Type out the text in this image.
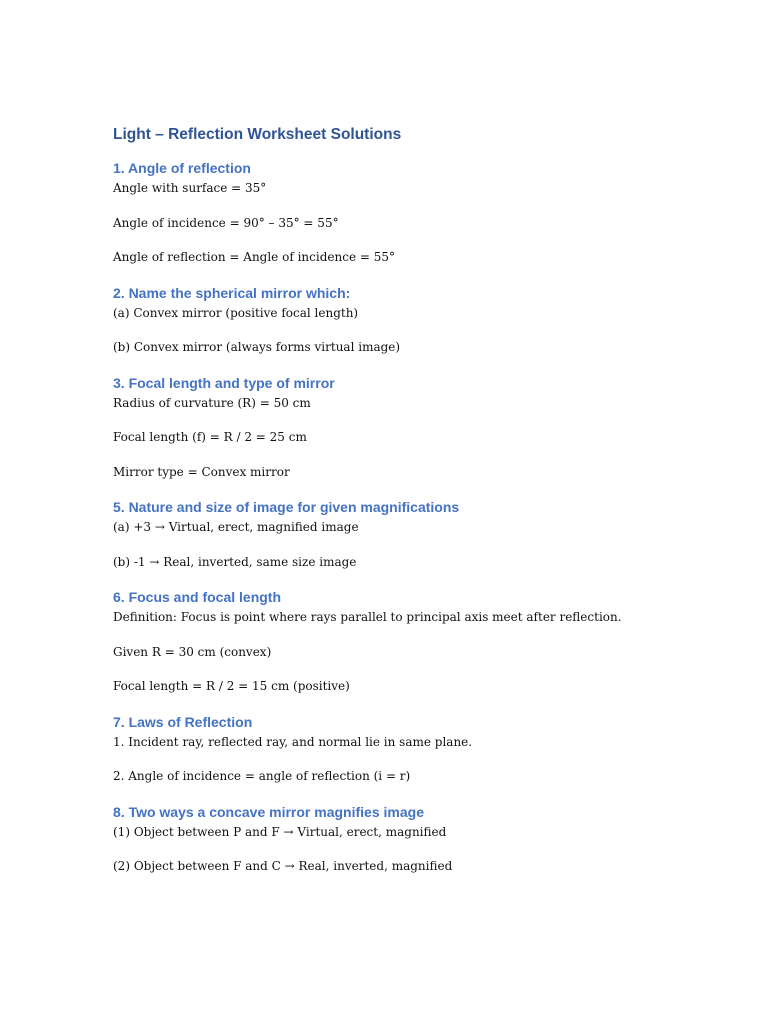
Light – Reflection Worksheet Solutions
1. Angle of reflection

Angle with surface = 35°

Angle of incidence = 90° – 35° = 55°

Angle of reflection = Angle of incidence = 55°

2. Name the spherical mirror which:

(a) Convex mirror (positive focal length)

(b) Convex mirror (always forms virtual image)

3. Focal length and type of mirror

Radius of curvature (R) = 50 cm

Focal length (f) = R / 2 = 25 cm

Mirror type = Convex mirror

5. Nature and size of image for given magnifications

(a) +3 → Virtual, erect, magnified image

(b) -1 → Real, inverted, same size image

6. Focus and focal length

Definition: Focus is point where rays parallel to principal axis meet after reflection.

Given R = 30 cm (convex)

Focal length = R / 2 = 15 cm (positive)

7. Laws of Reflection

1. Incident ray, reflected ray, and normal lie in same plane.

2. Angle of incidence = angle of reflection (i = r)

8. Two ways a concave mirror magnifies image

(1) Object between P and F → Virtual, erect, magnified

(2) Object between F and C → Real, inverted, magnified
